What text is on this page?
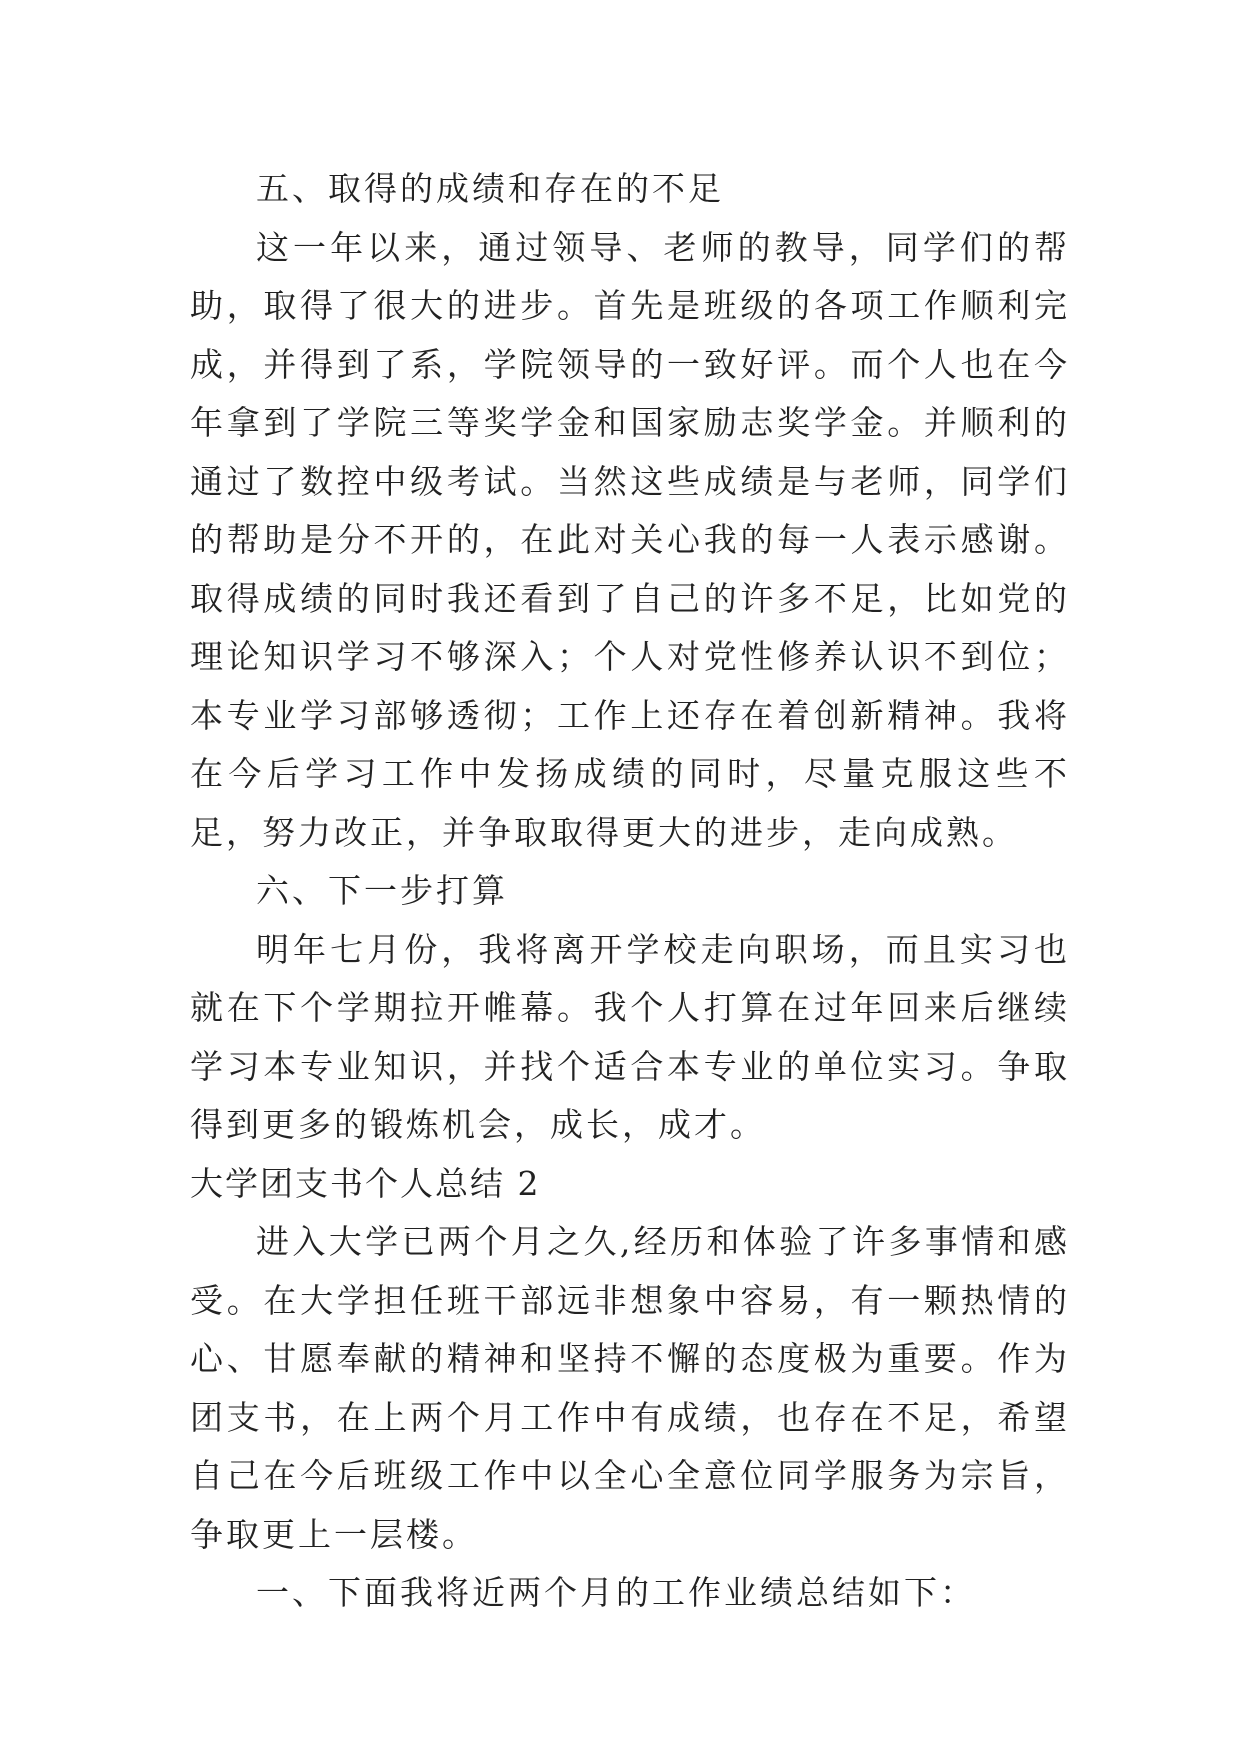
五、取得的成绩和存在的不足

这一年以来，通过领导、老师的教导，同学们的帮助，取得了很大的进步。首先是班级的各项工作顺利完成，并得到了系，学院领导的一致好评。而个人也在今年拿到了学院三等奖学金和国家励志奖学金。并顺利的通过了数控中级考试。当然这些成绩是与老师，同学们的帮助是分不开的，在此对关心我的每一人表示感谢。取得成绩的同时我还看到了自己的许多不足，比如党的理论知识学习不够深入；个人对党性修养认识不到位；本专业学习部够透彻；工作上还存在着创新精神。我将在今后学习工作中发扬成绩的同时，尽量克服这些不足，努力改正，并争取取得更大的进步，走向成熟。

六、下一步打算

明年七月份，我将离开学校走向职场，而且实习也就在下个学期拉开帷幕。我个人打算在过年回来后继续学习本专业知识，并找个适合本专业的单位实习。争取得到更多的锻炼机会，成长，成才。

大学团支书个人总结 2

进入大学已两个月之久,经历和体验了许多事情和感受。在大学担任班干部远非想象中容易，有一颗热情的心、甘愿奉献的精神和坚持不懈的态度极为重要。作为团支书，在上两个月工作中有成绩，也存在不足，希望自己在今后班级工作中以全心全意位同学服务为宗旨，争取更上一层楼。

一、下面我将近两个月的工作业绩总结如下：
